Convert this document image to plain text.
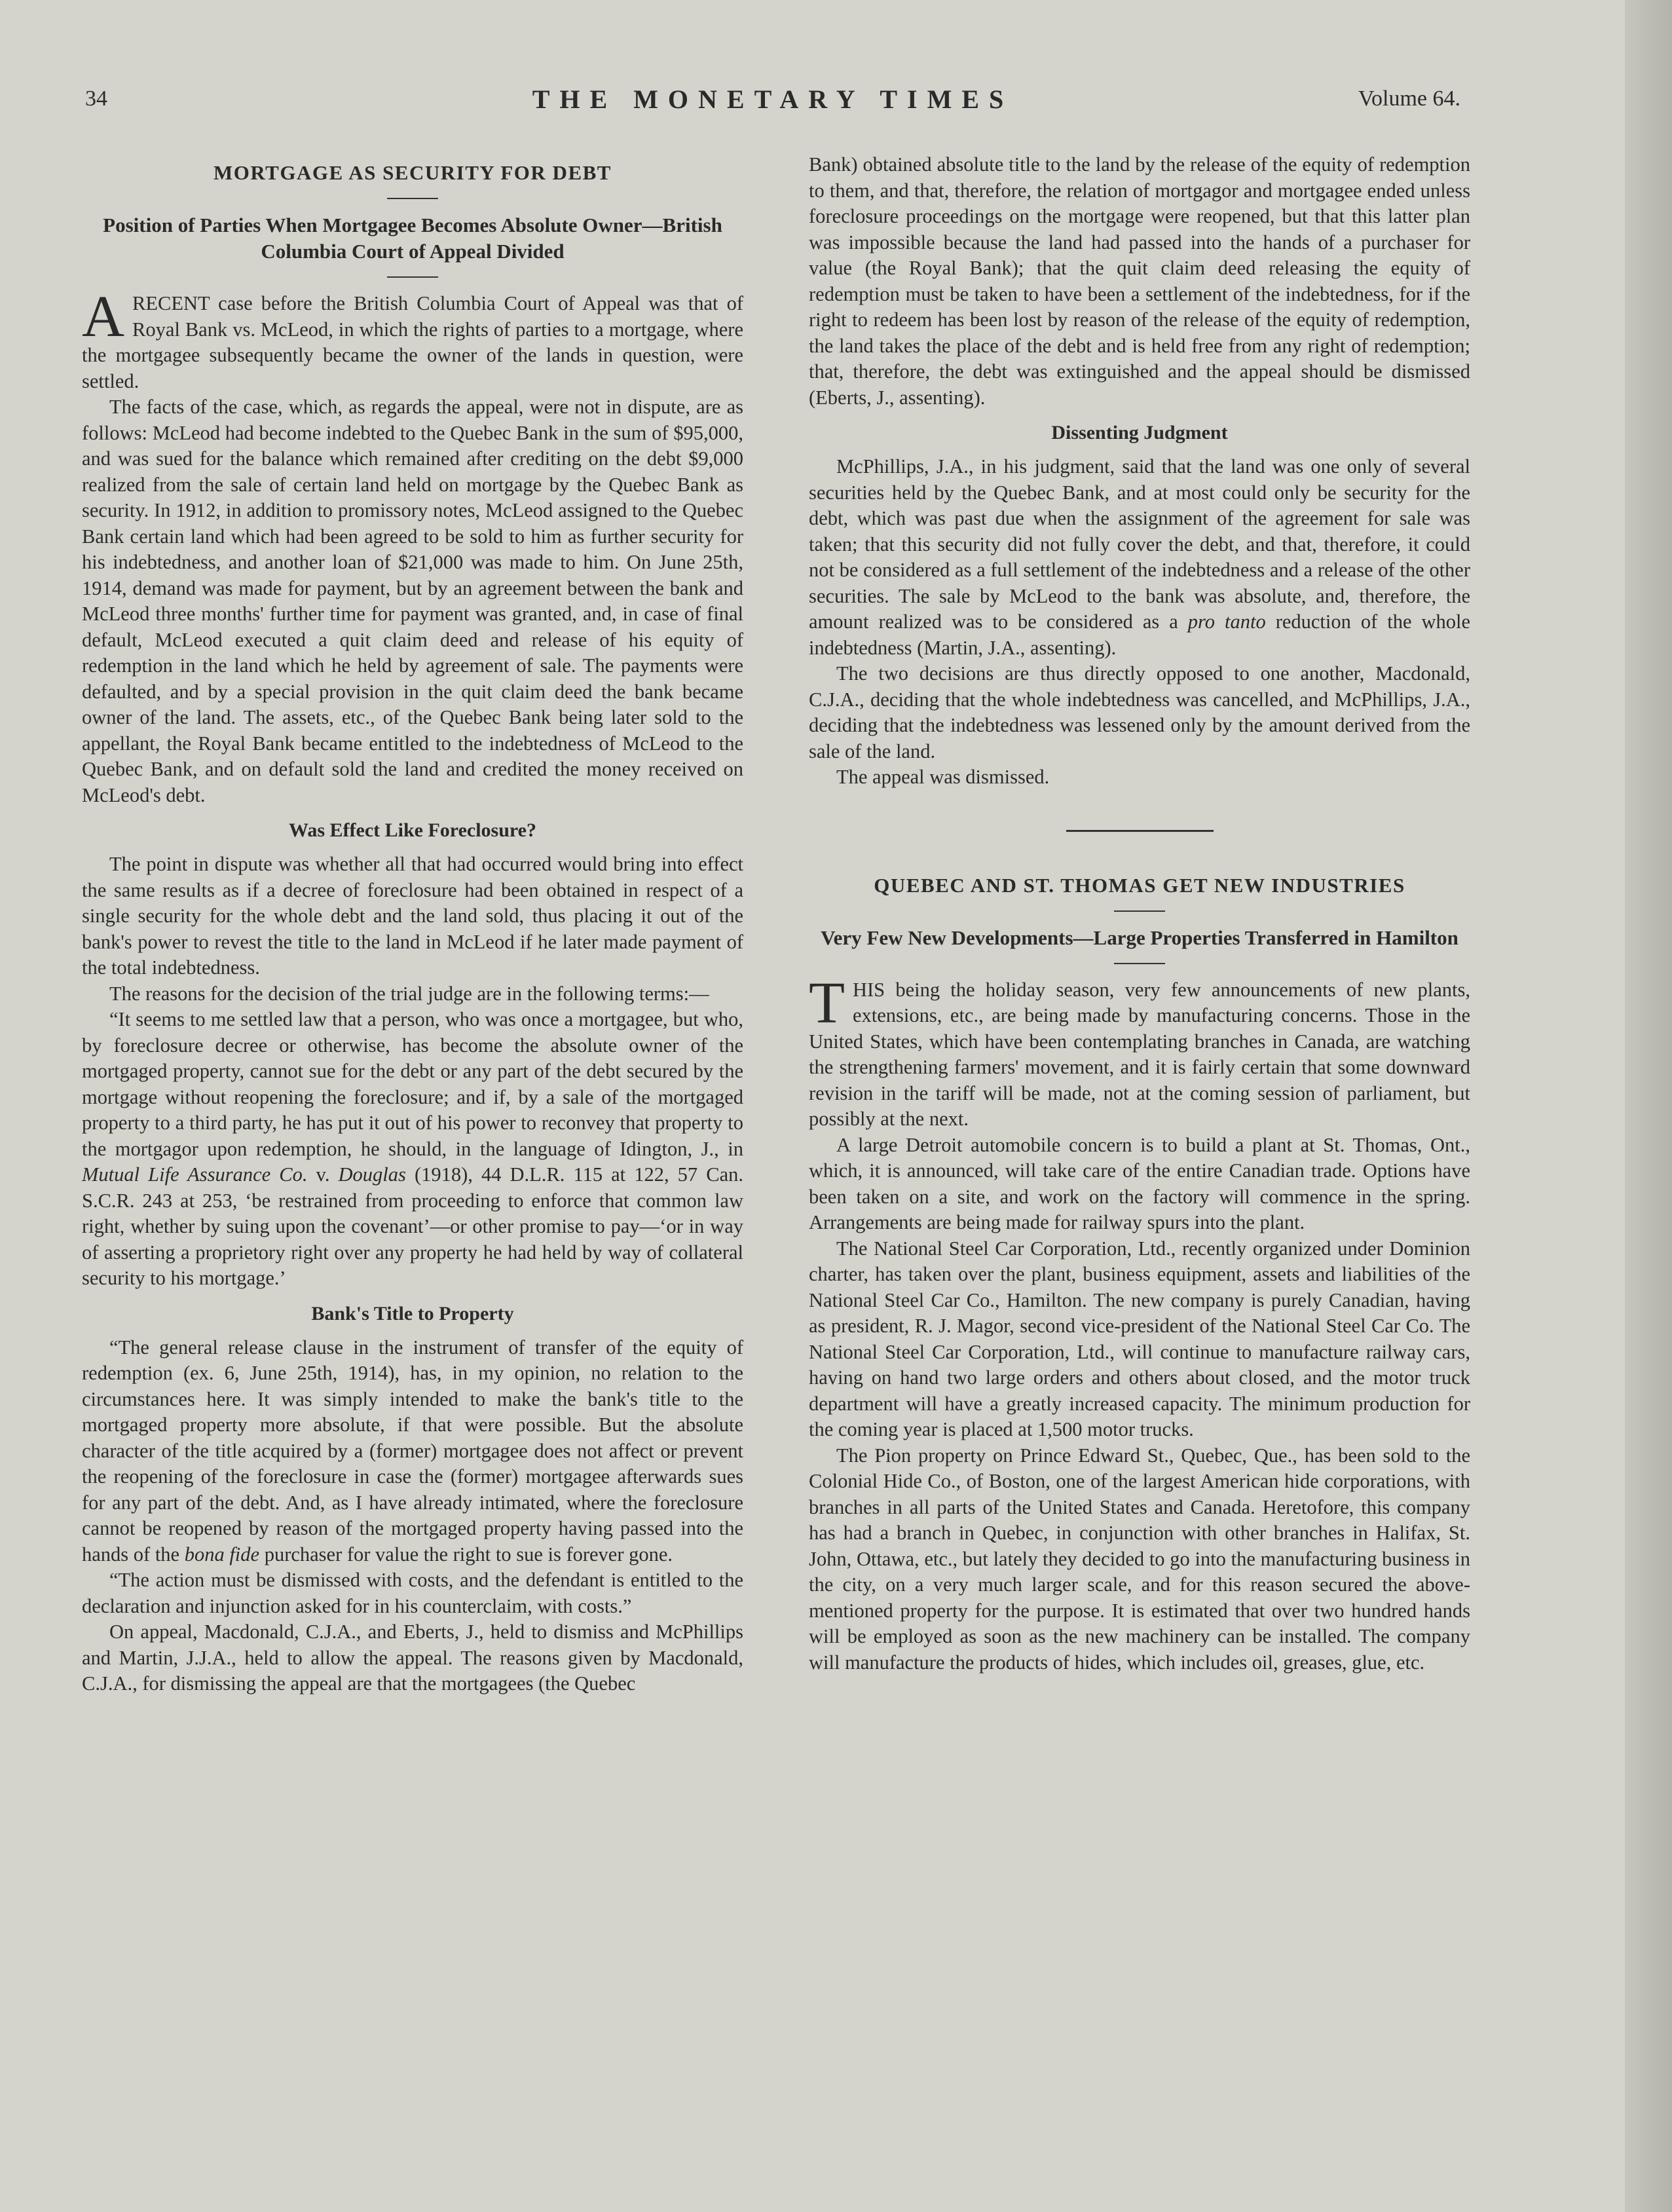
34	THE MONETARY TIMES	Volume 64.
MORTGAGE AS SECURITY FOR DEBT
Position of Parties When Mortgagee Becomes Absolute Owner—British Columbia Court of Appeal Divided

ARECENT case before the British Columbia Court of Appeal was that of Royal Bank vs. McLeod, in which the rights of parties to a mortgage, where the mortgagee subsequently became the owner of the lands in question, were settled.

The facts of the case, which, as regards the appeal, were not in dispute, are as follows: McLeod had become indebted to the Quebec Bank in the sum of $95,000, and was sued for the balance which remained after crediting on the debt $9,000 realized from the sale of certain land held on mortgage by the Quebec Bank as security. In 1912, in addition to promissory notes, McLeod assigned to the Quebec Bank certain land which had been agreed to be sold to him as further security for his indebtedness, and another loan of $21,000 was made to him. On June 25th, 1914, demand was made for payment, but by an agreement between the bank and McLeod three months' further time for payment was granted, and, in case of final default, McLeod executed a quit claim deed and release of his equity of redemption in the land which he held by agreement of sale. The payments were defaulted, and by a special provision in the quit claim deed the bank became owner of the land. The assets, etc., of the Quebec Bank being later sold to the appellant, the Royal Bank became entitled to the indebtedness of McLeod to the Quebec Bank, and on default sold the land and credited the money received on McLeod's debt.

Was Effect Like Foreclosure?

The point in dispute was whether all that had occurred would bring into effect the same results as if a decree of foreclosure had been obtained in respect of a single security for the whole debt and the land sold, thus placing it out of the bank's power to revest the title to the land in McLeod if he later made payment of the total indebtedness.

The reasons for the decision of the trial judge are in the following terms:—

“It seems to me settled law that a person, who was once a mortgagee, but who, by foreclosure decree or otherwise, has become the absolute owner of the mortgaged property, cannot sue for the debt or any part of the debt secured by the mortgage without reopening the foreclosure; and if, by a sale of the mortgaged property to a third party, he has put it out of his power to reconvey that property to the mortgagor upon redemption, he should, in the language of Idington, J., in Mutual Life Assurance Co. v. Douglas (1918), 44 D.L.R. 115 at 122, 57 Can. S.C.R. 243 at 253, ‘be restrained from proceeding to enforce that common law right, whether by suing upon the covenant’—or other promise to pay—‘or in way of asserting a proprietory right over any property he had held by way of collateral security to his mortgage.’

Bank's Title to Property

“The general release clause in the instrument of transfer of the equity of redemption (ex. 6, June 25th, 1914), has, in my opinion, no relation to the circumstances here. It was simply intended to make the bank's title to the mortgaged property more absolute, if that were possible. But the absolute character of the title acquired by a (former) mortgagee does not affect or prevent the reopening of the foreclosure in case the (former) mortgagee afterwards sues for any part of the debt. And, as I have already intimated, where the foreclosure cannot be reopened by reason of the mortgaged property having passed into the hands of the bona fide purchaser for value the right to sue is forever gone.

“The action must be dismissed with costs, and the defendant is entitled to the declaration and injunction asked for in his counterclaim, with costs.”

On appeal, Macdonald, C.J.A., and Eberts, J., held to dismiss and McPhillips and Martin, J.J.A., held to allow the appeal. The reasons given by Macdonald, C.J.A., for dismissing the appeal are that the mortgagees (the Quebec

Bank) obtained absolute title to the land by the release of the equity of redemption to them, and that, therefore, the relation of mortgagor and mortgagee ended unless foreclosure proceedings on the mortgage were reopened, but that this latter plan was impossible because the land had passed into the hands of a purchaser for value (the Royal Bank); that the quit claim deed releasing the equity of redemption must be taken to have been a settlement of the indebtedness, for if the right to redeem has been lost by reason of the release of the equity of redemption, the land takes the place of the debt and is held free from any right of redemption; that, therefore, the debt was extinguished and the appeal should be dismissed (Eberts, J., assenting).

Dissenting Judgment

McPhillips, J.A., in his judgment, said that the land was one only of several securities held by the Quebec Bank, and at most could only be security for the debt, which was past due when the assignment of the agreement for sale was taken; that this security did not fully cover the debt, and that, therefore, it could not be considered as a full settlement of the indebtedness and a release of the other securities. The sale by McLeod to the bank was absolute, and, therefore, the amount realized was to be considered as a pro tanto reduction of the whole indebtedness (Martin, J.A., assenting).

The two decisions are thus directly opposed to one another, Macdonald, C.J.A., deciding that the whole indebtedness was cancelled, and McPhillips, J.A., deciding that the indebtedness was lessened only by the amount derived from the sale of the land.

The appeal was dismissed.

QUEBEC AND ST. THOMAS GET NEW INDUSTRIES
Very Few New Developments—Large Properties Transferred in Hamilton

THIS being the holiday season, very few announcements of new plants, extensions, etc., are being made by manufacturing concerns. Those in the United States, which have been contemplating branches in Canada, are watching the strengthening farmers' movement, and it is fairly certain that some downward revision in the tariff will be made, not at the coming session of parliament, but possibly at the next.

A large Detroit automobile concern is to build a plant at St. Thomas, Ont., which, it is announced, will take care of the entire Canadian trade. Options have been taken on a site, and work on the factory will commence in the spring. Arrangements are being made for railway spurs into the plant.

The National Steel Car Corporation, Ltd., recently organized under Dominion charter, has taken over the plant, business equipment, assets and liabilities of the National Steel Car Co., Hamilton. The new company is purely Canadian, having as president, R. J. Magor, second vice-president of the National Steel Car Co. The National Steel Car Corporation, Ltd., will continue to manufacture railway cars, having on hand two large orders and others about closed, and the motor truck department will have a greatly increased capacity. The minimum production for the coming year is placed at 1,500 motor trucks.

The Pion property on Prince Edward St., Quebec, Que., has been sold to the Colonial Hide Co., of Boston, one of the largest American hide corporations, with branches in all parts of the United States and Canada. Heretofore, this company has had a branch in Quebec, in conjunction with other branches in Halifax, St. John, Ottawa, etc., but lately they decided to go into the manufacturing business in the city, on a very much larger scale, and for this reason secured the above-mentioned property for the purpose. It is estimated that over two hundred hands will be employed as soon as the new machinery can be installed. The company will manufacture the products of hides, which includes oil, greases, glue, etc.
